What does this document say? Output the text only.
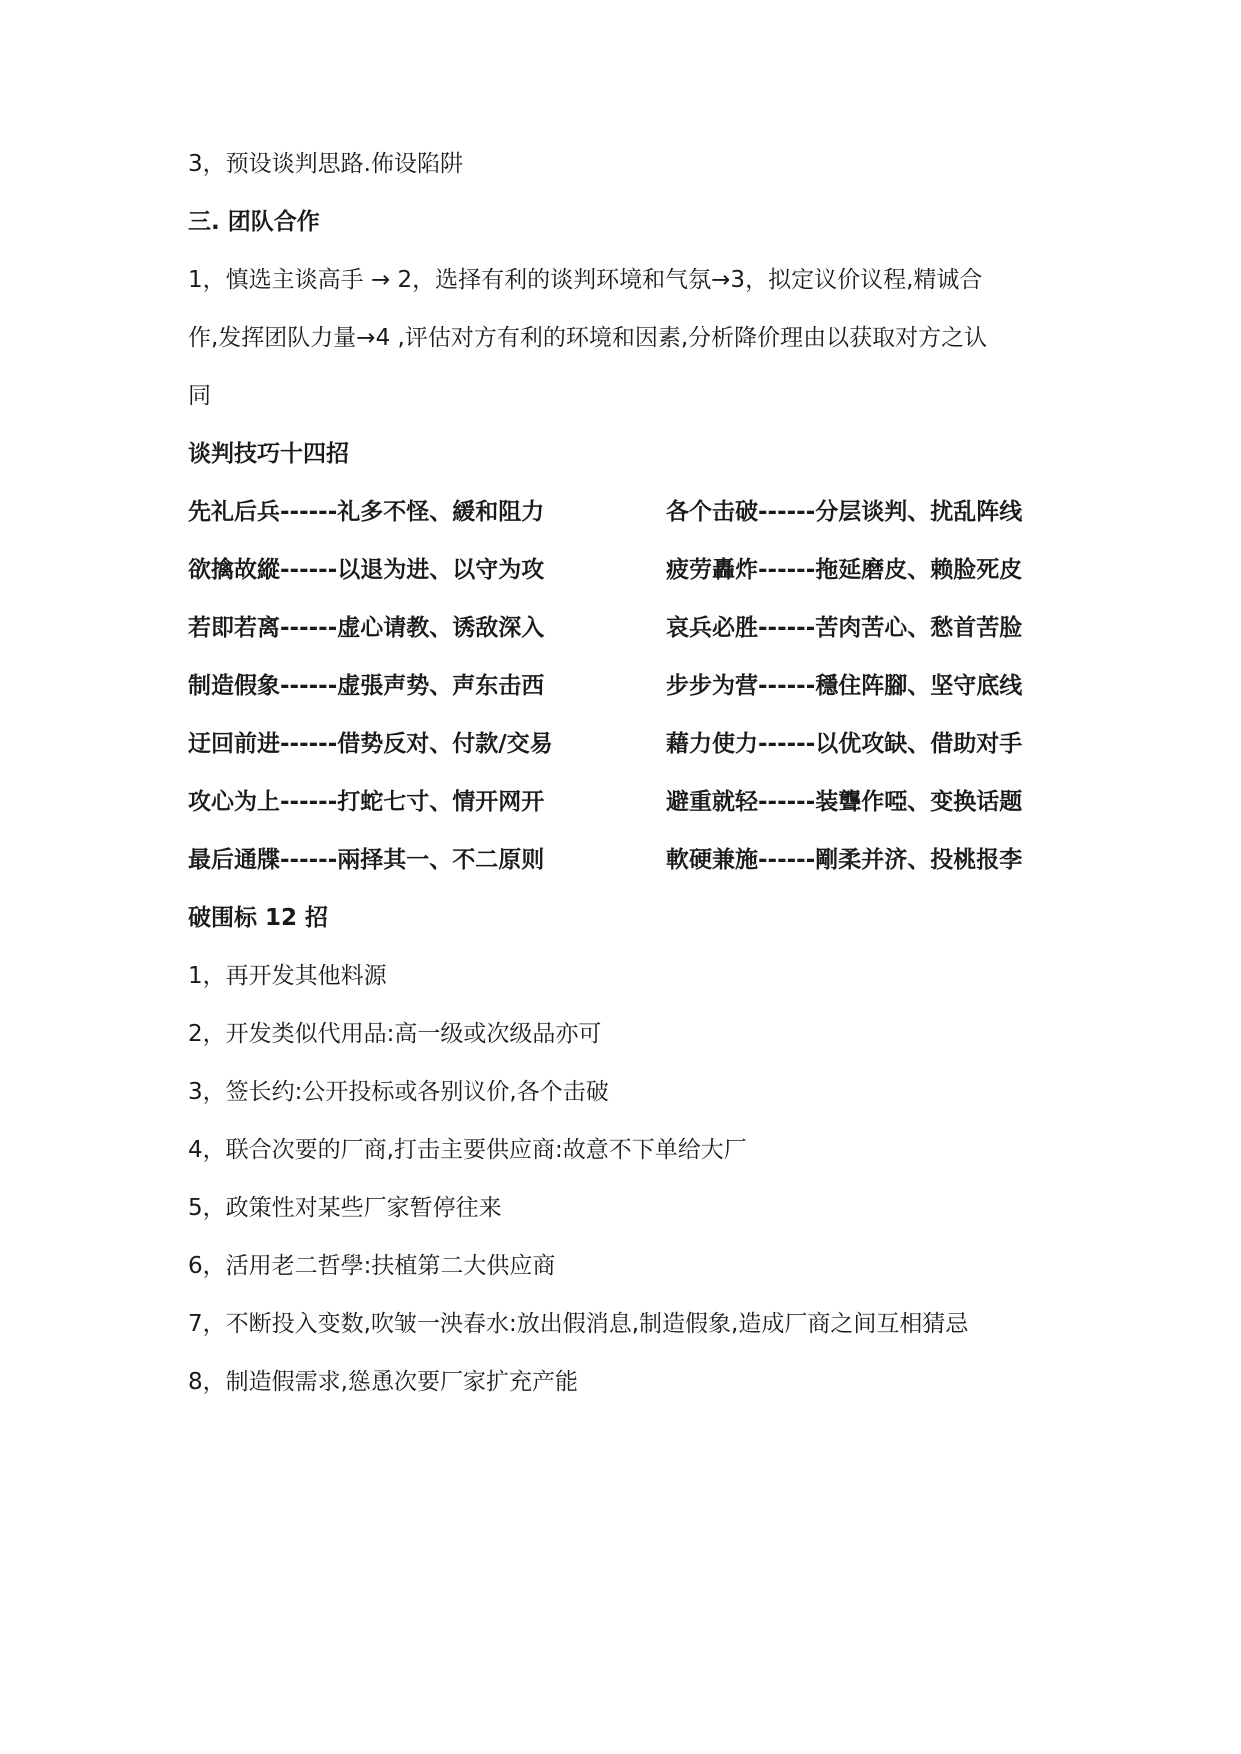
3，预设谈判思路.佈设陷阱
三. 团队合作
1，慎选主谈高手 → 2，选择有利的谈判环境和气氛→3，拟定议价议程,精诚合
作,发挥团队力量→4 ,评估对方有利的环境和因素,分析降价理由以获取对方之认
同
谈判技巧十四招
先礼后兵------礼多不怪、緩和阻力	各个击破------分层谈判、扰乱阵线
欲擒故縱------以退为进、以守为攻	疲劳轟炸------拖延磨皮、赖脸死皮
若即若离------虚心请教、诱敌深入	哀兵必胜------苦肉苦心、愁首苦脸
制造假象------虚張声势、声东击西	步步为营------穩住阵腳、坚守底线
迂回前进------借势反对、付款/交易	藉力使力------以优攻缺、借助对手
攻心为上------打蛇七寸、情开网开	避重就轻------装聾作啞、变换话题
最后通牒------兩择其一、不二原则	軟硬兼施------剛柔并济、投桃报李
破围标 12 招
1，再开发其他料源
2，开发类似代用品:高一级或次级品亦可
3，签长约:公开投标或各别议价,各个击破
4，联合次要的厂商,打击主要供应商:故意不下单给大厂
5，政策性对某些厂家暂停往来
6，活用老二哲學:扶植第二大供应商
7，不断投入变数,吹皱一泱春水:放出假消息,制造假象,造成厂商之间互相猜忌
8，制造假需求,慫恿次要厂家扩充产能
